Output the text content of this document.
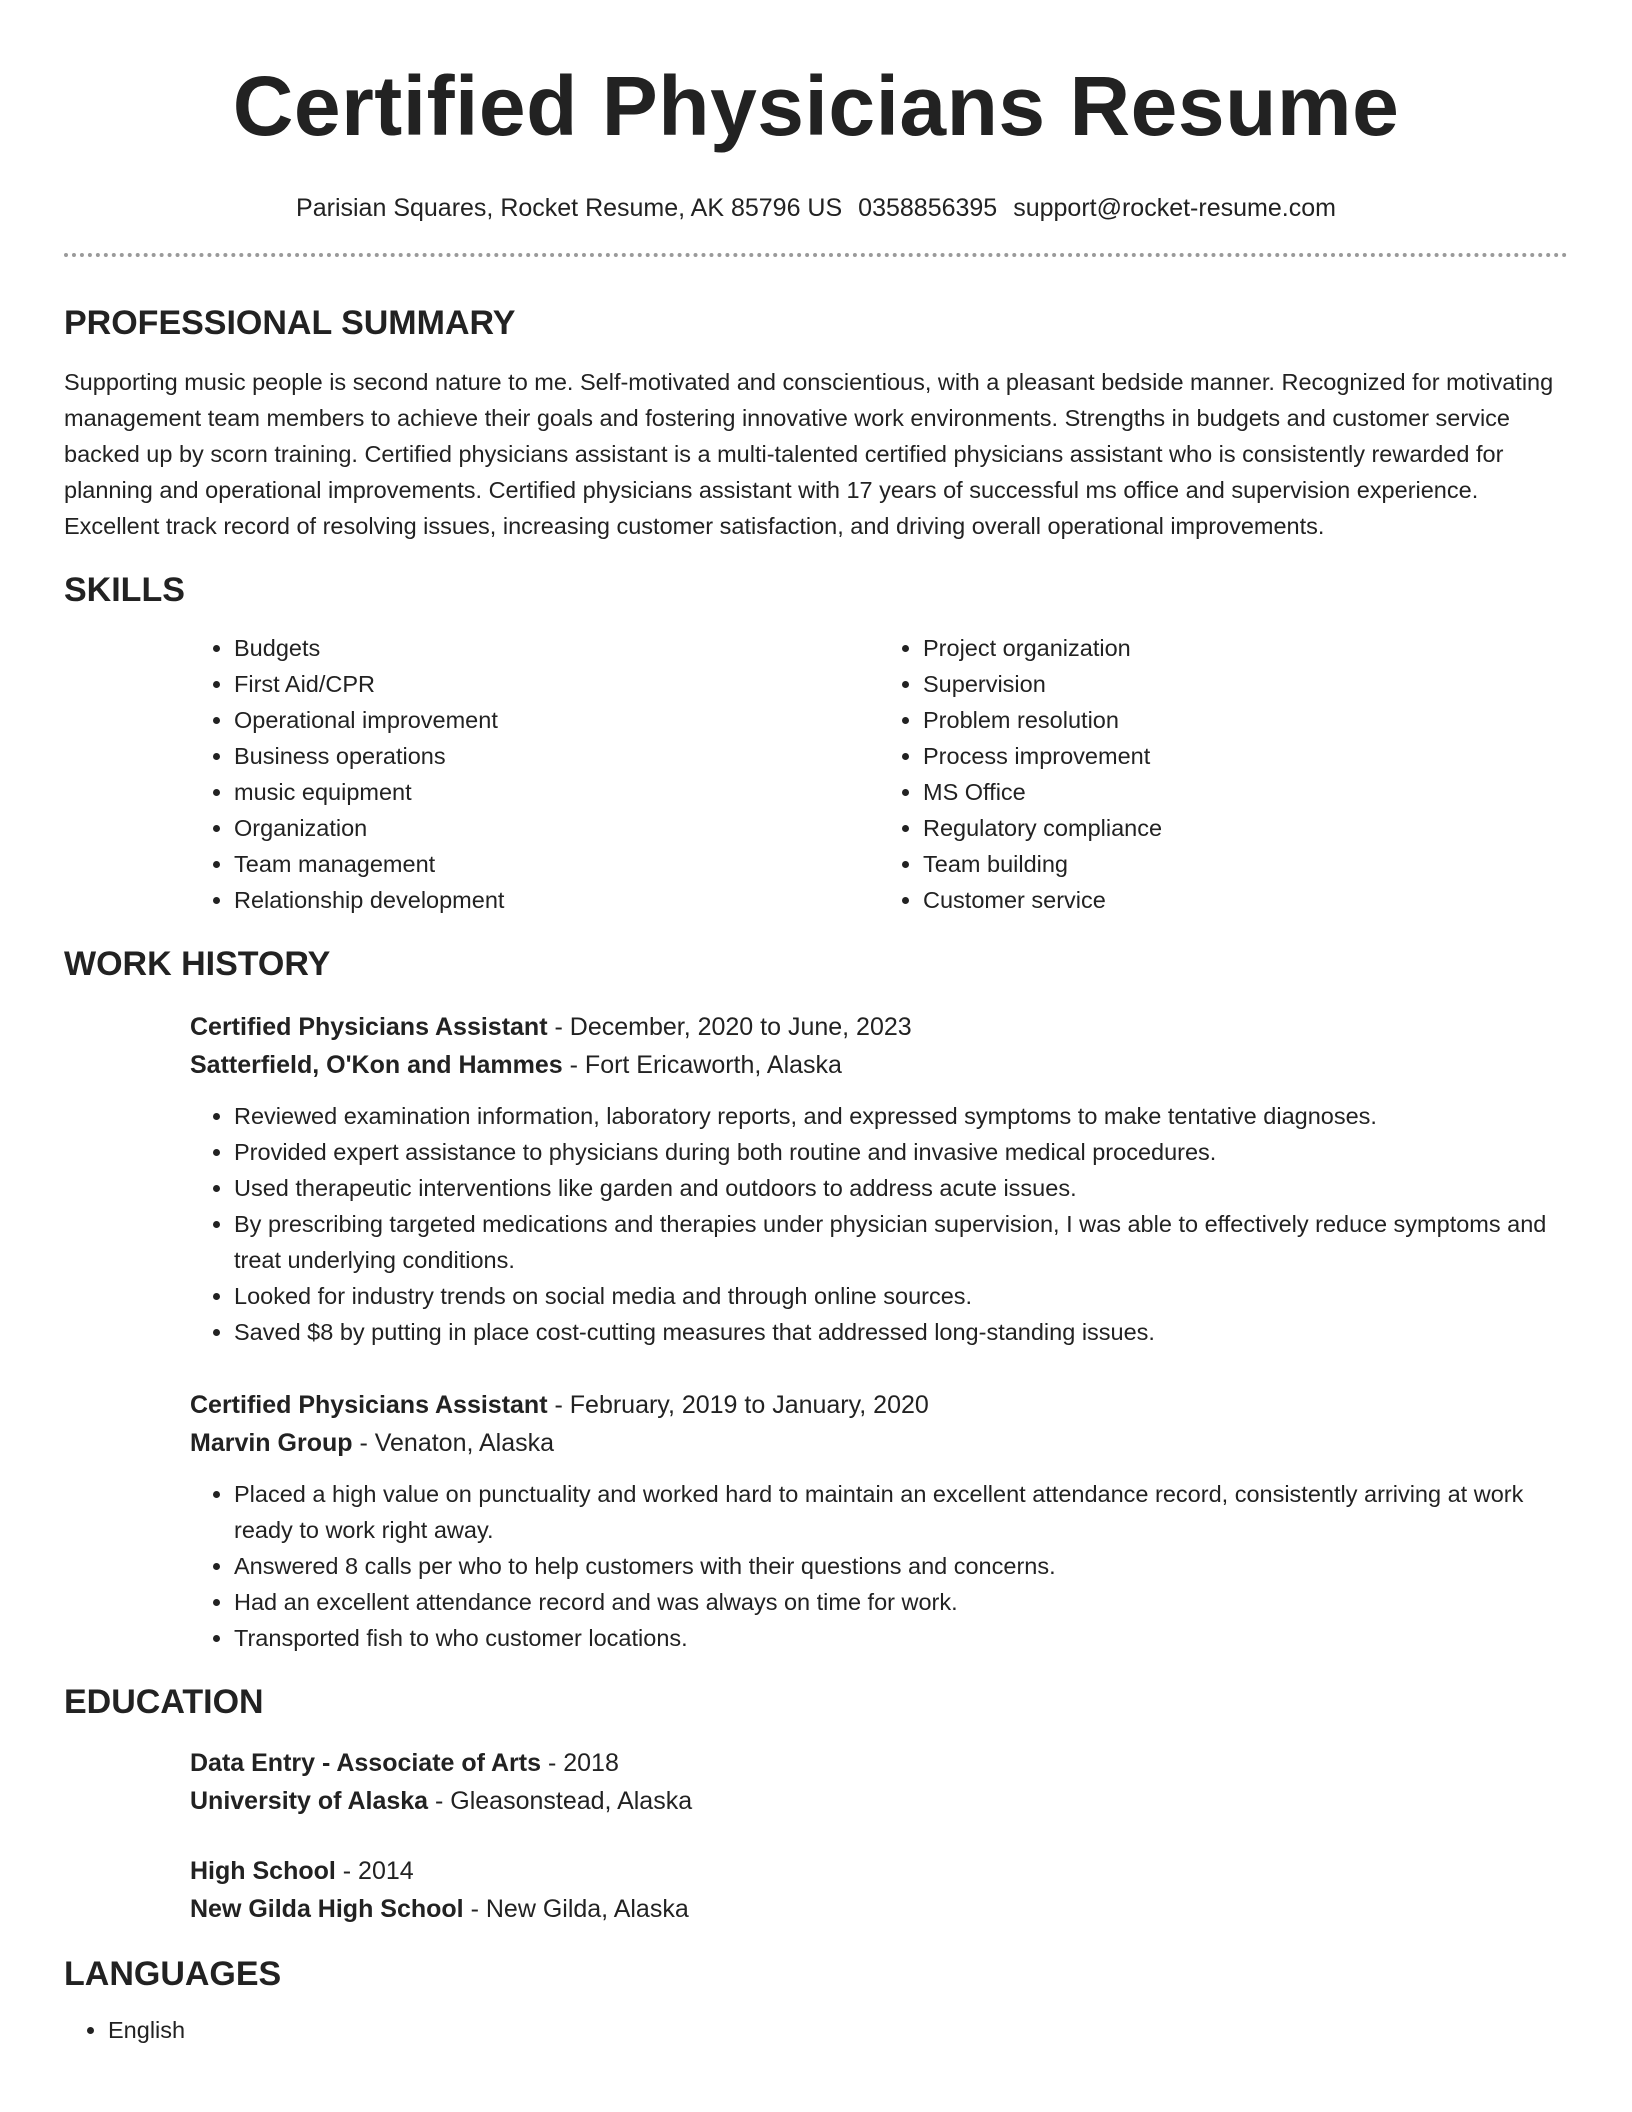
Certified Physicians Resume
Parisian Squares, Rocket Resume, AK 85796 US 0358856395 support@rocket-resume.com
PROFESSIONAL SUMMARY

Supporting music people is second nature to me. Self-motivated and conscientious, with a pleasant bedside manner. Recognized for motivating management team members to achieve their goals and fostering innovative work environments. Strengths in budgets and customer service backed up by scorn training. Certified physicians assistant is a multi-talented certified physicians assistant who is consistently rewarded for planning and operational improvements. Certified physicians assistant with 17 years of successful ms office and supervision experience. Excellent track record of resolving issues, increasing customer satisfaction, and driving overall operational improvements.

SKILLS
• Budgets
• First Aid/CPR
• Operational improvement
• Business operations
• music equipment
• Organization
• Team management
• Relationship development
• Project organization
• Supervision
• Problem resolution
• Process improvement
• MS Office
• Regulatory compliance
• Team building
• Customer service
WORK HISTORY
Certified Physicians Assistant - December, 2020 to June, 2023
Satterfield, O'Kon and Hammes - Fort Ericaworth, Alaska
• Reviewed examination information, laboratory reports, and expressed symptoms to make tentative diagnoses.
• Provided expert assistance to physicians during both routine and invasive medical procedures.
• Used therapeutic interventions like garden and outdoors to address acute issues.
• By prescribing targeted medications and therapies under physician supervision, I was able to effectively reduce symptoms and treat underlying conditions.
• Looked for industry trends on social media and through online sources.
• Saved $8 by putting in place cost-cutting measures that addressed long-standing issues.
Certified Physicians Assistant - February, 2019 to January, 2020
Marvin Group - Venaton, Alaska
• Placed a high value on punctuality and worked hard to maintain an excellent attendance record, consistently arriving at work ready to work right away.
• Answered 8 calls per who to help customers with their questions and concerns.
• Had an excellent attendance record and was always on time for work.
• Transported fish to who customer locations.
EDUCATION
Data Entry - Associate of Arts - 2018
University of Alaska - Gleasonstead, Alaska
High School - 2014
New Gilda High School - New Gilda, Alaska
LANGUAGES
• English
